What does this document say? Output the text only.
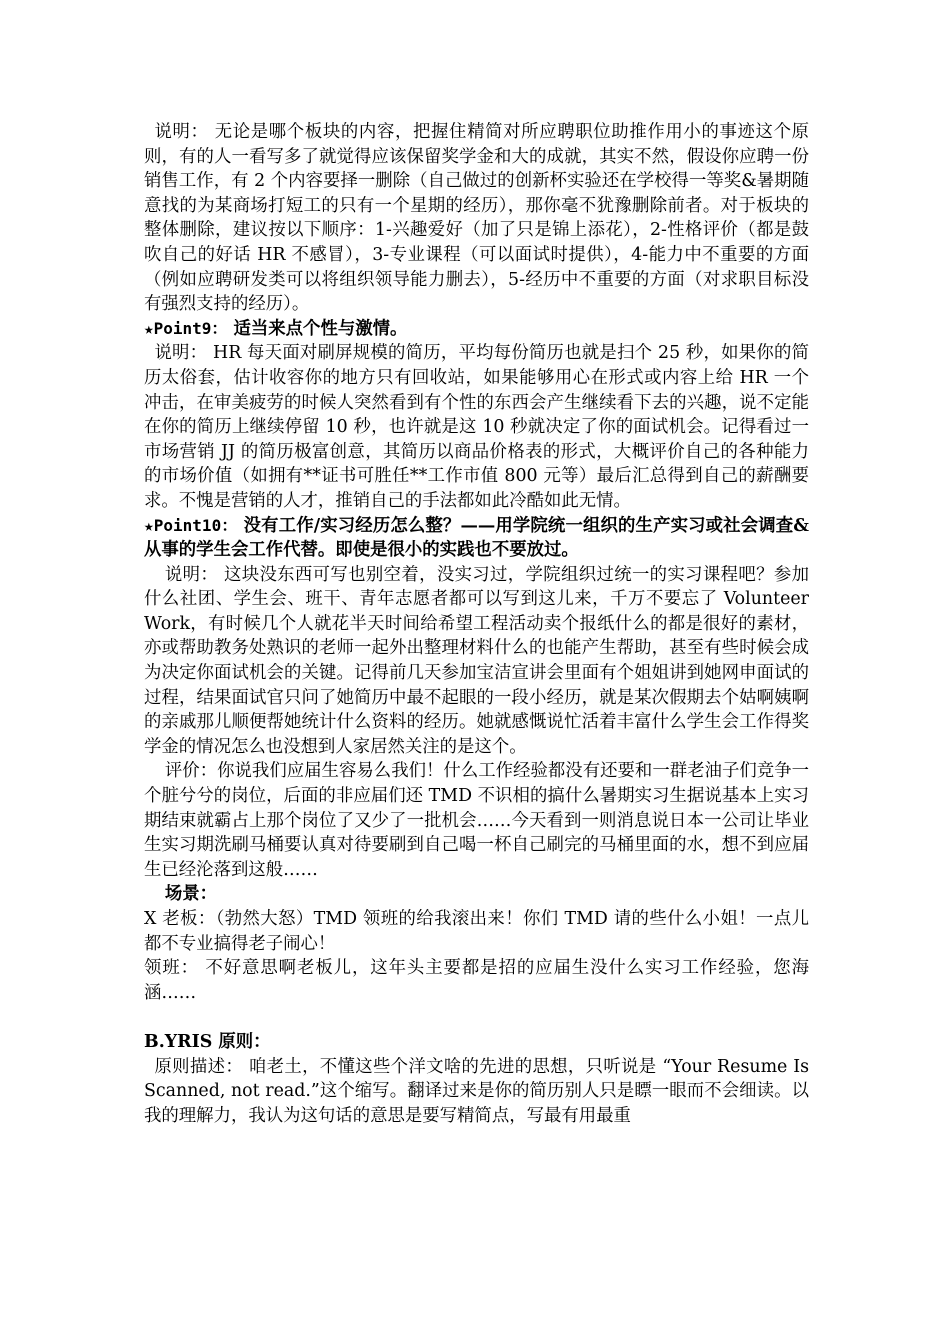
说明： 无论是哪个板块的内容，把握住精简对所应聘职位助推作用小的事迹这个原则，有的人一看写多了就觉得应该保留奖学金和大的成就，其实不然，假设你应聘一份销售工作，有 2 个内容要择一删除（自己做过的创新杯实验还在学校得一等奖&暑期随意找的为某商场打短工的只有一个星期的经历），那你毫不犹豫删除前者。对于板块的整体删除，建议按以下顺序：1-兴趣爱好（加了只是锦上添花），2-性格评价（都是鼓吹自己的好话 HR 不感冒），3-专业课程（可以面试时提供），4-能力中不重要的方面（例如应聘研发类可以将组织领导能力删去），5-经历中不重要的方面（对求职目标没有强烈支持的经历）。

★Point9： 适当来点个性与激情。

说明： HR 每天面对刷屏规模的简历，平均每份简历也就是扫个 25 秒，如果你的简历太俗套，估计收容你的地方只有回收站，如果能够用心在形式或内容上给 HR 一个冲击，在审美疲劳的时候人突然看到有个性的东西会产生继续看下去的兴趣，说不定能在你的简历上继续停留 10 秒，也许就是这 10 秒就决定了你的面试机会。记得看过一市场营销 JJ 的简历极富创意，其简历以商品价格表的形式，大概评价自己的各种能力的市场价值（如拥有**证书可胜任**工作市值 800 元等）最后汇总得到自己的薪酬要求。不愧是营销的人才，推销自己的手法都如此冷酷如此无情。

★Point10： 没有工作/实习经历怎么整？——用学院统一组织的生产实习或社会调查&从事的学生会工作代替。即使是很小的实践也不要放过。

说明： 这块没东西可写也别空着，没实习过，学院组织过统一的实习课程吧？参加什么社团、学生会、班干、青年志愿者都可以写到这儿来，千万不要忘了 Volunteer Work，有时候几个人就花半天时间给希望工程活动卖个报纸什么的都是很好的素材，亦或帮助教务处熟识的老师一起外出整理材料什么的也能产生帮助，甚至有些时候会成为决定你面试机会的关键。记得前几天参加宝洁宣讲会里面有个姐姐讲到她网申面试的过程，结果面试官只问了她简历中最不起眼的一段小经历，就是某次假期去个姑啊姨啊的亲戚那儿顺便帮她统计什么资料的经历。她就感慨说忙活着丰富什么学生会工作得奖学金的情况怎么也没想到人家居然关注的是这个。

评价：你说我们应届生容易么我们！什么工作经验都没有还要和一群老油子们竞争一个脏兮兮的岗位，后面的非应届们还 TMD 不识相的搞什么暑期实习生据说基本上实习期结束就霸占上那个岗位了又少了一批机会……今天看到一则消息说日本一公司让毕业生实习期洗刷马桶要认真对待要刷到自己喝一杯自己刷完的马桶里面的水，想不到应届生已经沦落到这般……

场景：

X 老板：（勃然大怒）TMD 领班的给我滚出来！你们 TMD 请的些什么小姐！一点儿都不专业搞得老子闹心！

领班： 不好意思啊老板儿，这年头主要都是招的应届生没什么实习工作经验，您海涵……

B.YRIS 原则：

原则描述： 咱老土，不懂这些个洋文啥的先进的思想，只听说是 “Your Resume Is Scanned, not read.”这个缩写。翻译过来是你的简历别人只是瞟一眼而不会细读。以我的理解力，我认为这句话的意思是要写精简点，写最有用最重
